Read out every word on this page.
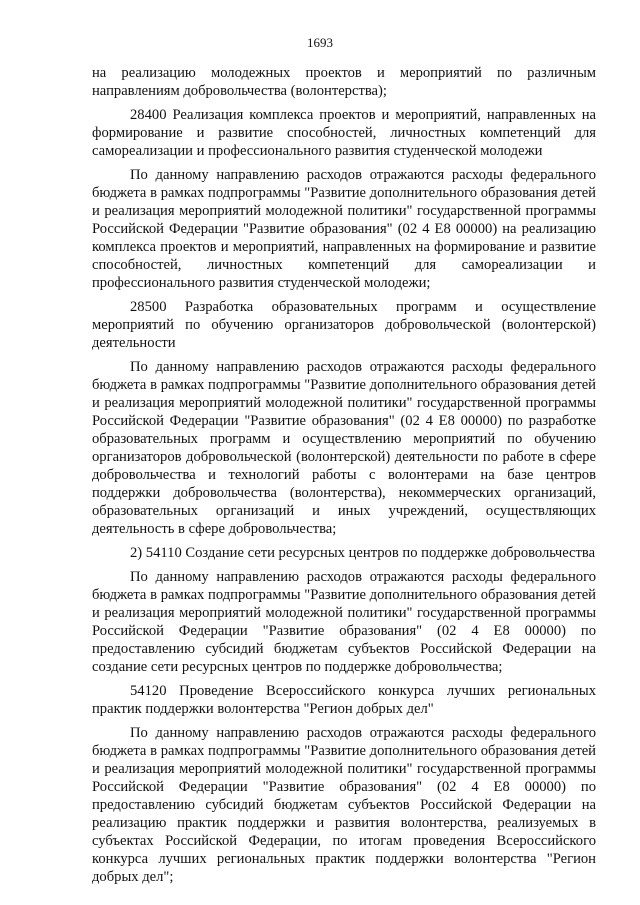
1693

на реализацию молодежных проектов и мероприятий по различным направлениям добровольчества (волонтерства);

28400 Реализация комплекса проектов и мероприятий, направленных на формирование и развитие способностей, личностных компетенций для самореализации и профессионального развития студенческой молодежи

По данному направлению расходов отражаются расходы федерального бюджета в рамках подпрограммы "Развитие дополнительного образования детей и реализация мероприятий молодежной политики" государственной программы Российской Федерации "Развитие образования" (02 4 Е8 00000) на реализацию комплекса проектов и мероприятий, направленных на формирование и развитие способностей, личностных компетенций для самореализации и профессионального развития студенческой молодежи;

28500 Разработка образовательных программ и осуществление мероприятий по обучению организаторов добровольческой (волонтерской) деятельности

По данному направлению расходов отражаются расходы федерального бюджета в рамках подпрограммы "Развитие дополнительного образования детей и реализация мероприятий молодежной политики" государственной программы Российской Федерации "Развитие образования" (02 4 Е8 00000) по разработке образовательных программ и осуществлению мероприятий по обучению организаторов добровольческой (волонтерской) деятельности по работе в сфере добровольчества и технологий работы с волонтерами на базе центров поддержки добровольчества (волонтерства), некоммерческих организаций, образовательных организаций и иных учреждений, осуществляющих деятельность в сфере добровольчества;

2) 54110 Создание сети ресурсных центров по поддержке добровольчества

По данному направлению расходов отражаются расходы федерального бюджета в рамках подпрограммы "Развитие дополнительного образования детей и реализация мероприятий молодежной политики" государственной программы Российской Федерации "Развитие образования" (02 4 Е8 00000) по предоставлению субсидий бюджетам субъектов Российской Федерации на создание сети ресурсных центров по поддержке добровольчества;

54120 Проведение Всероссийского конкурса лучших региональных практик поддержки волонтерства "Регион добрых дел"

По данному направлению расходов отражаются расходы федерального бюджета в рамках подпрограммы "Развитие дополнительного образования детей и реализация мероприятий молодежной политики" государственной программы Российской Федерации "Развитие образования" (02 4 Е8 00000) по предоставлению субсидий бюджетам субъектов Российской Федерации на реализацию практик поддержки и развития волонтерства, реализуемых в субъектах Российской Федерации, по итогам проведения Всероссийского конкурса лучших региональных практик поддержки волонтерства "Регион добрых дел";
